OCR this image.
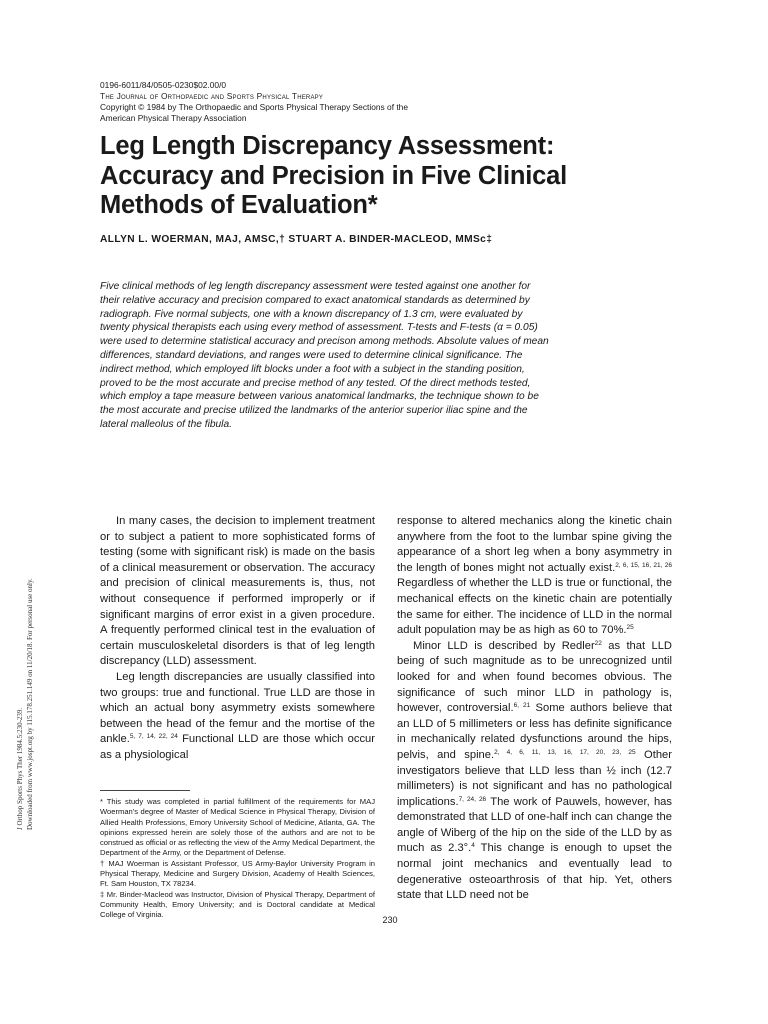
J Orthop Sports Phys Ther 1984.5:230-239. Downloaded from www.jospt.org by 115.178.251.149 on 11/20/18. For personal use only.
0196-6011/84/0505-0230$02.00/0
The Journal of Orthopaedic and Sports Physical Therapy
Copyright © 1984 by The Orthopaedic and Sports Physical Therapy Sections of the
American Physical Therapy Association
Leg Length Discrepancy Assessment:
Accuracy and Precision in Five Clinical
Methods of Evaluation*
ALLYN L. WOERMAN, MAJ, AMSC,† STUART A. BINDER-MACLEOD, MMSc‡

Five clinical methods of leg length discrepancy assessment were tested against one another for their relative accuracy and precision compared to exact anatomical standards as determined by radiograph. Five normal subjects, one with a known discrepancy of 1.3 cm, were evaluated by twenty physical therapists each using every method of assessment. T-tests and F-tests (α = 0.05) were used to determine statistical accuracy and precison among methods. Absolute values of mean differences, standard deviations, and ranges were used to determine clinical significance. The indirect method, which employed lift blocks under a foot with a subject in the standing position, proved to be the most accurate and precise method of any tested. Of the direct methods tested, which employ a tape measure between various anatomical landmarks, the technique shown to be the most accurate and precise utilized the landmarks of the anterior superior iliac spine and the lateral malleolus of the fibula.

In many cases, the decision to implement treatment or to subject a patient to more sophisticated forms of testing (some with significant risk) is made on the basis of a clinical measurement or observation. The accuracy and precision of clinical measurements is, thus, not without consequence if performed improperly or if significant margins of error exist in a given procedure. A frequently performed clinical test in the evaluation of certain musculoskeletal disorders is that of leg length discrepancy (LLD) assessment.

Leg length discrepancies are usually classified into two groups: true and functional. True LLD are those in which an actual bony asymmetry exists somewhere between the head of the femur and the mortise of the ankle.$^{5, 7, 14, 22, 24}$ Functional LLD are those which occur as a physiological

response to altered mechanics along the kinetic chain anywhere from the foot to the lumbar spine giving the appearance of a short leg when a bony asymmetry in the length of bones might not actually exist.$^{2, 6, 15, 16, 21, 26}$ Regardless of whether the LLD is true or functional, the mechanical effects on the kinetic chain are potentially the same for either. The incidence of LLD in the normal adult population may be as high as 60 to 70%.$^{25}$

Minor LLD is described by Redler$^{22}$ as that LLD being of such magnitude as to be unrecognized until looked for and when found becomes obvious. The significance of such minor LLD in pathology is, however, controversial.$^{6, 21}$ Some authors believe that an LLD of 5 millimeters or less has definite significance in mechanically related dysfunctions around the hips, pelvis, and spine.$^{2, 4, 6, 11, 13, 16, 17, 20, 23, 25}$ Other investigators believe that LLD less than ½ inch (12.7 millimeters) is not significant and has no pathological implications.$^{7, 24, 26}$ The work of Pauwels, however, has demonstrated that LLD of one-half inch can change the angle of Wiberg of the hip on the side of the LLD by as much as 2.3°.$^4$ This change is enough to upset the normal joint mechanics and eventually lead to degenerative osteoarthrosis of that hip. Yet, others state that LLD need not be

* This study was completed in partial fulfillment of the requirements for MAJ Woerman's degree of Master of Medical Science in Physical Therapy, Division of Allied Health Professions, Emory University School of Medicine, Atlanta, GA. The opinions expressed herein are solely those of the authors and are not to be construed as official or as reflecting the view of the Army Medical Department, the Department of the Army, or the Department of Defense.

† MAJ Woerman is Assistant Professor, US Army-Baylor University Program in Physical Therapy, Medicine and Surgery Division, Academy of Health Sciences, Ft. Sam Houston, TX 78234.

‡ Mr. Binder-Macleod was Instructor, Division of Physical Therapy, Department of Community Health, Emory University; and is Doctoral candidate at Medical College of Virginia.

230
